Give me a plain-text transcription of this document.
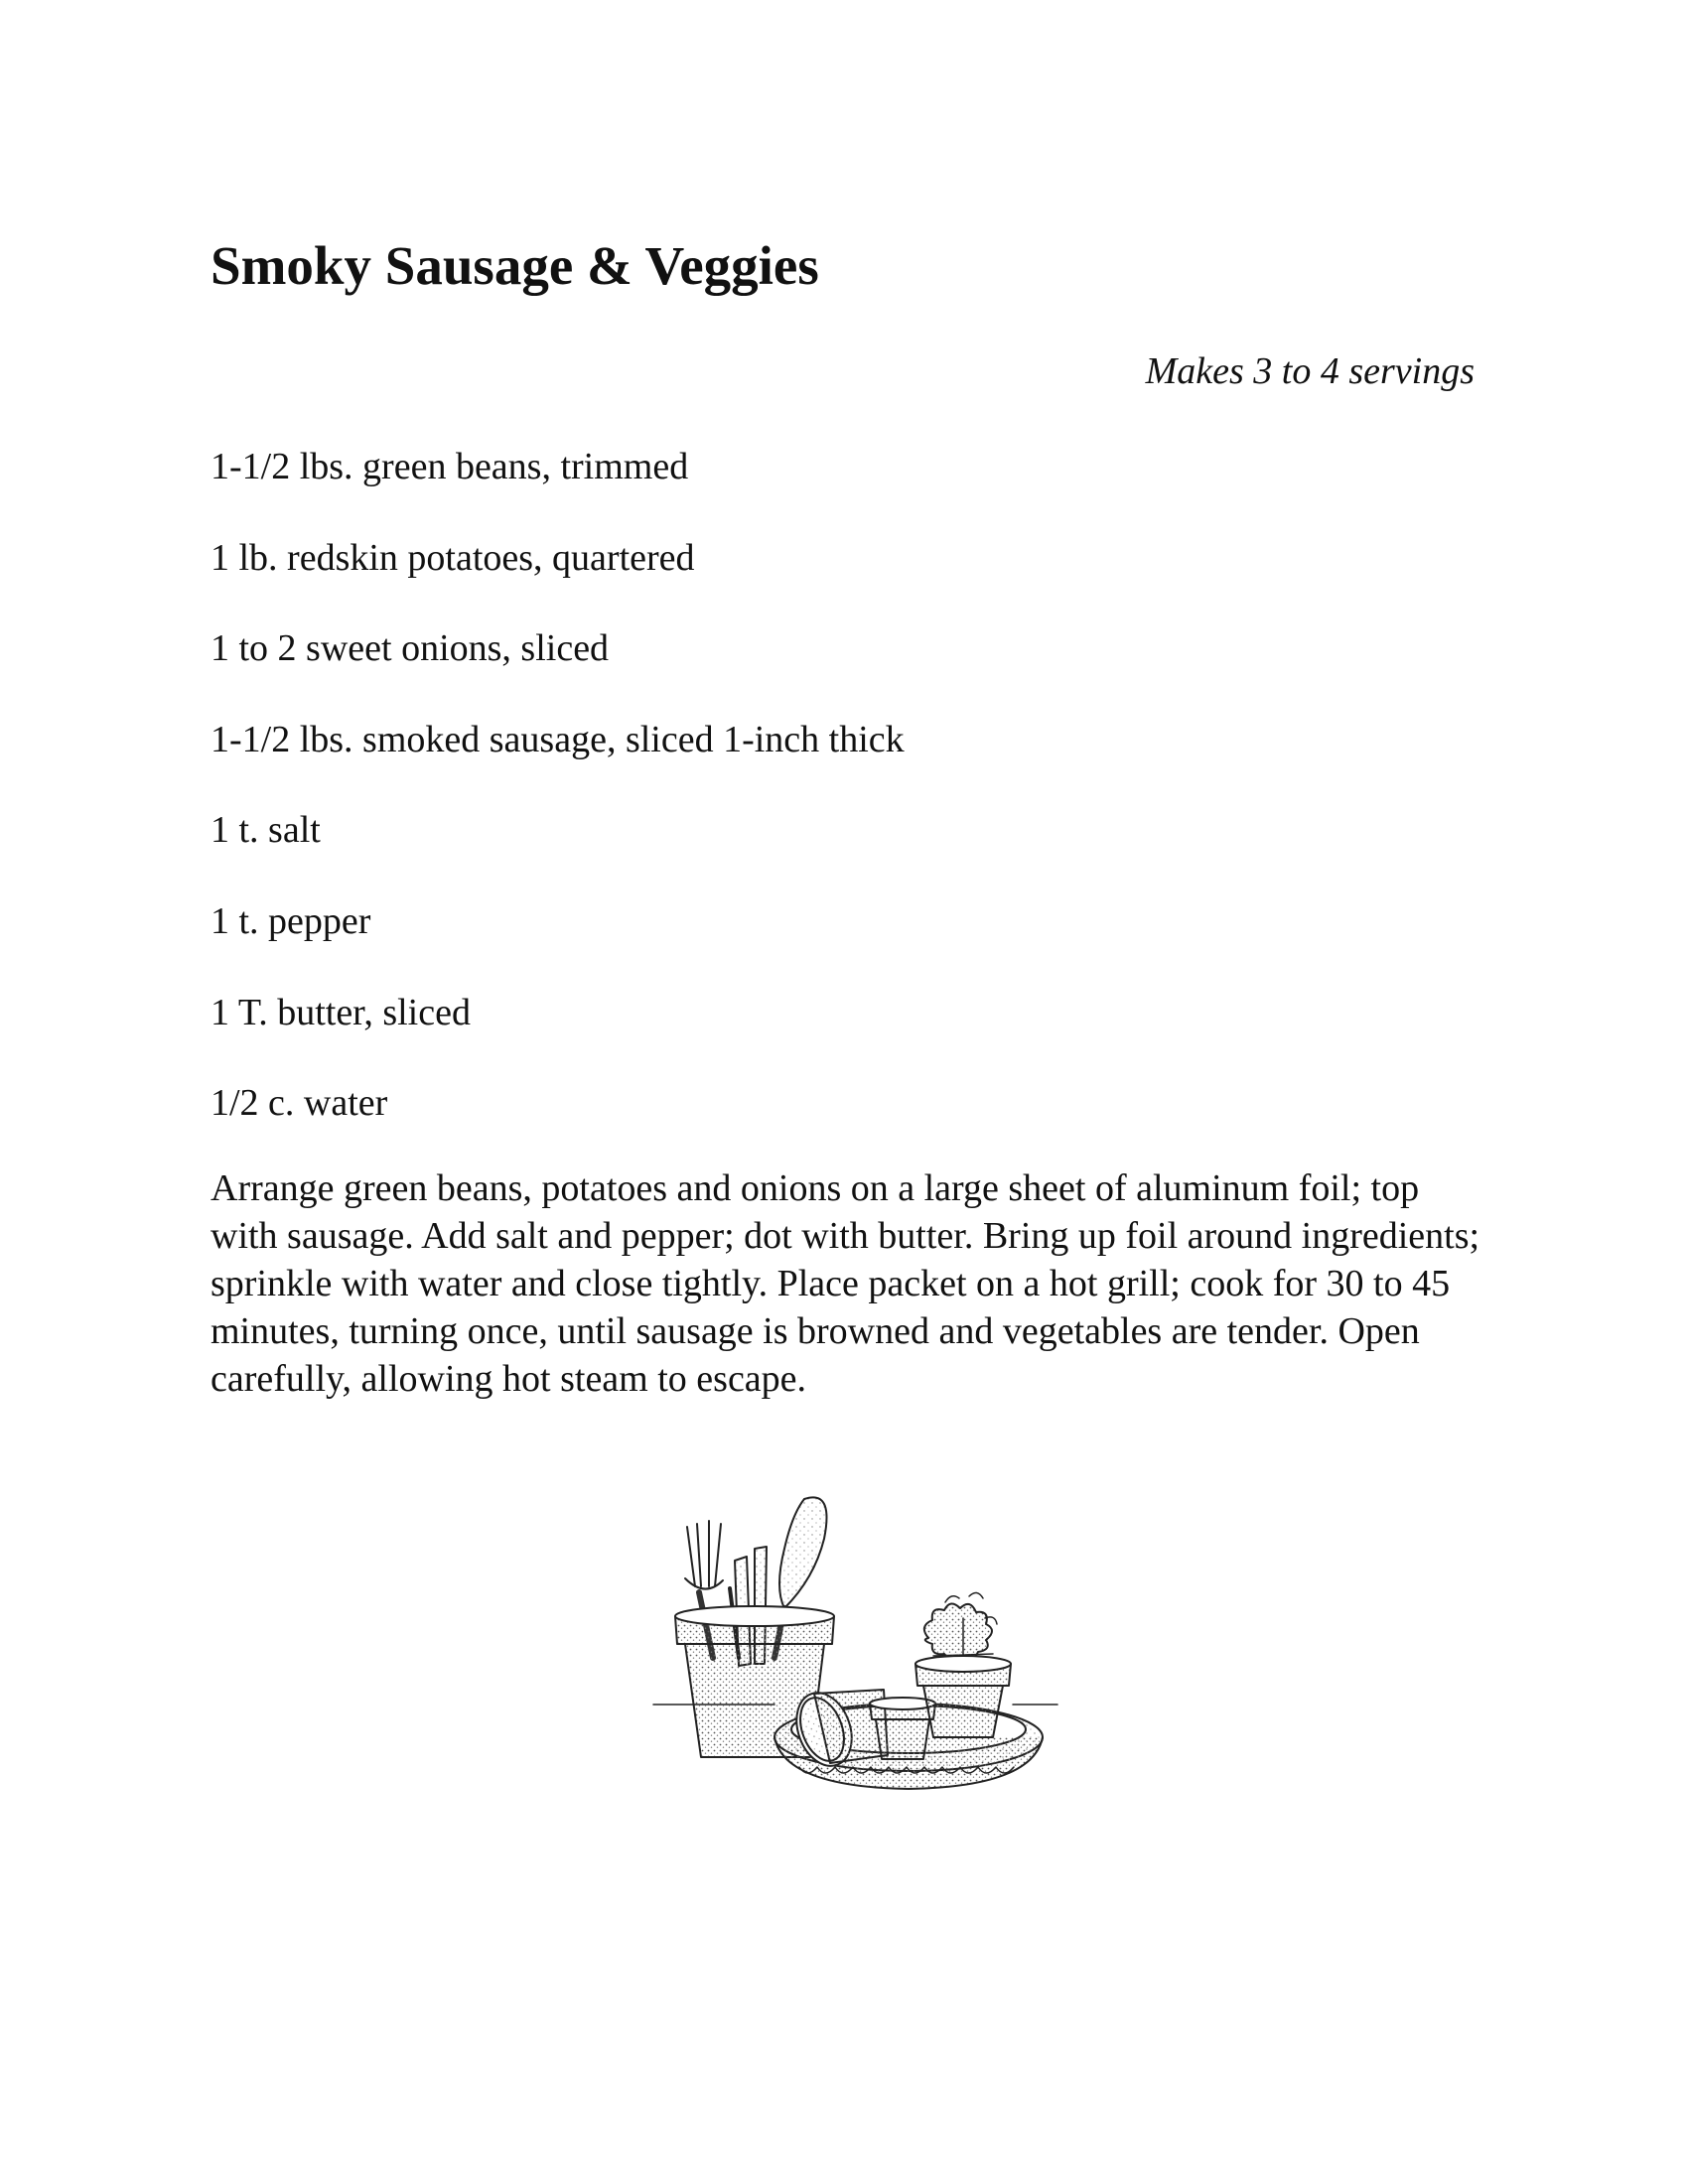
Smoky Sausage & Veggies
Makes 3 to 4 servings
1-1/2 lbs. green beans, trimmed
1 lb. redskin potatoes, quartered
1 to 2 sweet onions, sliced
1-1/2 lbs. smoked sausage, sliced 1-inch thick
1 t. salt
1 t. pepper
1 T. butter, sliced
1/2 c. water

Arrange green beans, potatoes and onions on a large sheet of aluminum foil; top with sausage. Add salt and pepper; dot with butter. Bring up foil around ingredients; sprinkle with water and close tightly. Place packet on a hot grill; cook for 30 to 45 minutes, turning once, until sausage is browned and vegetables are tender. Open carefully, allowing hot steam to escape.
